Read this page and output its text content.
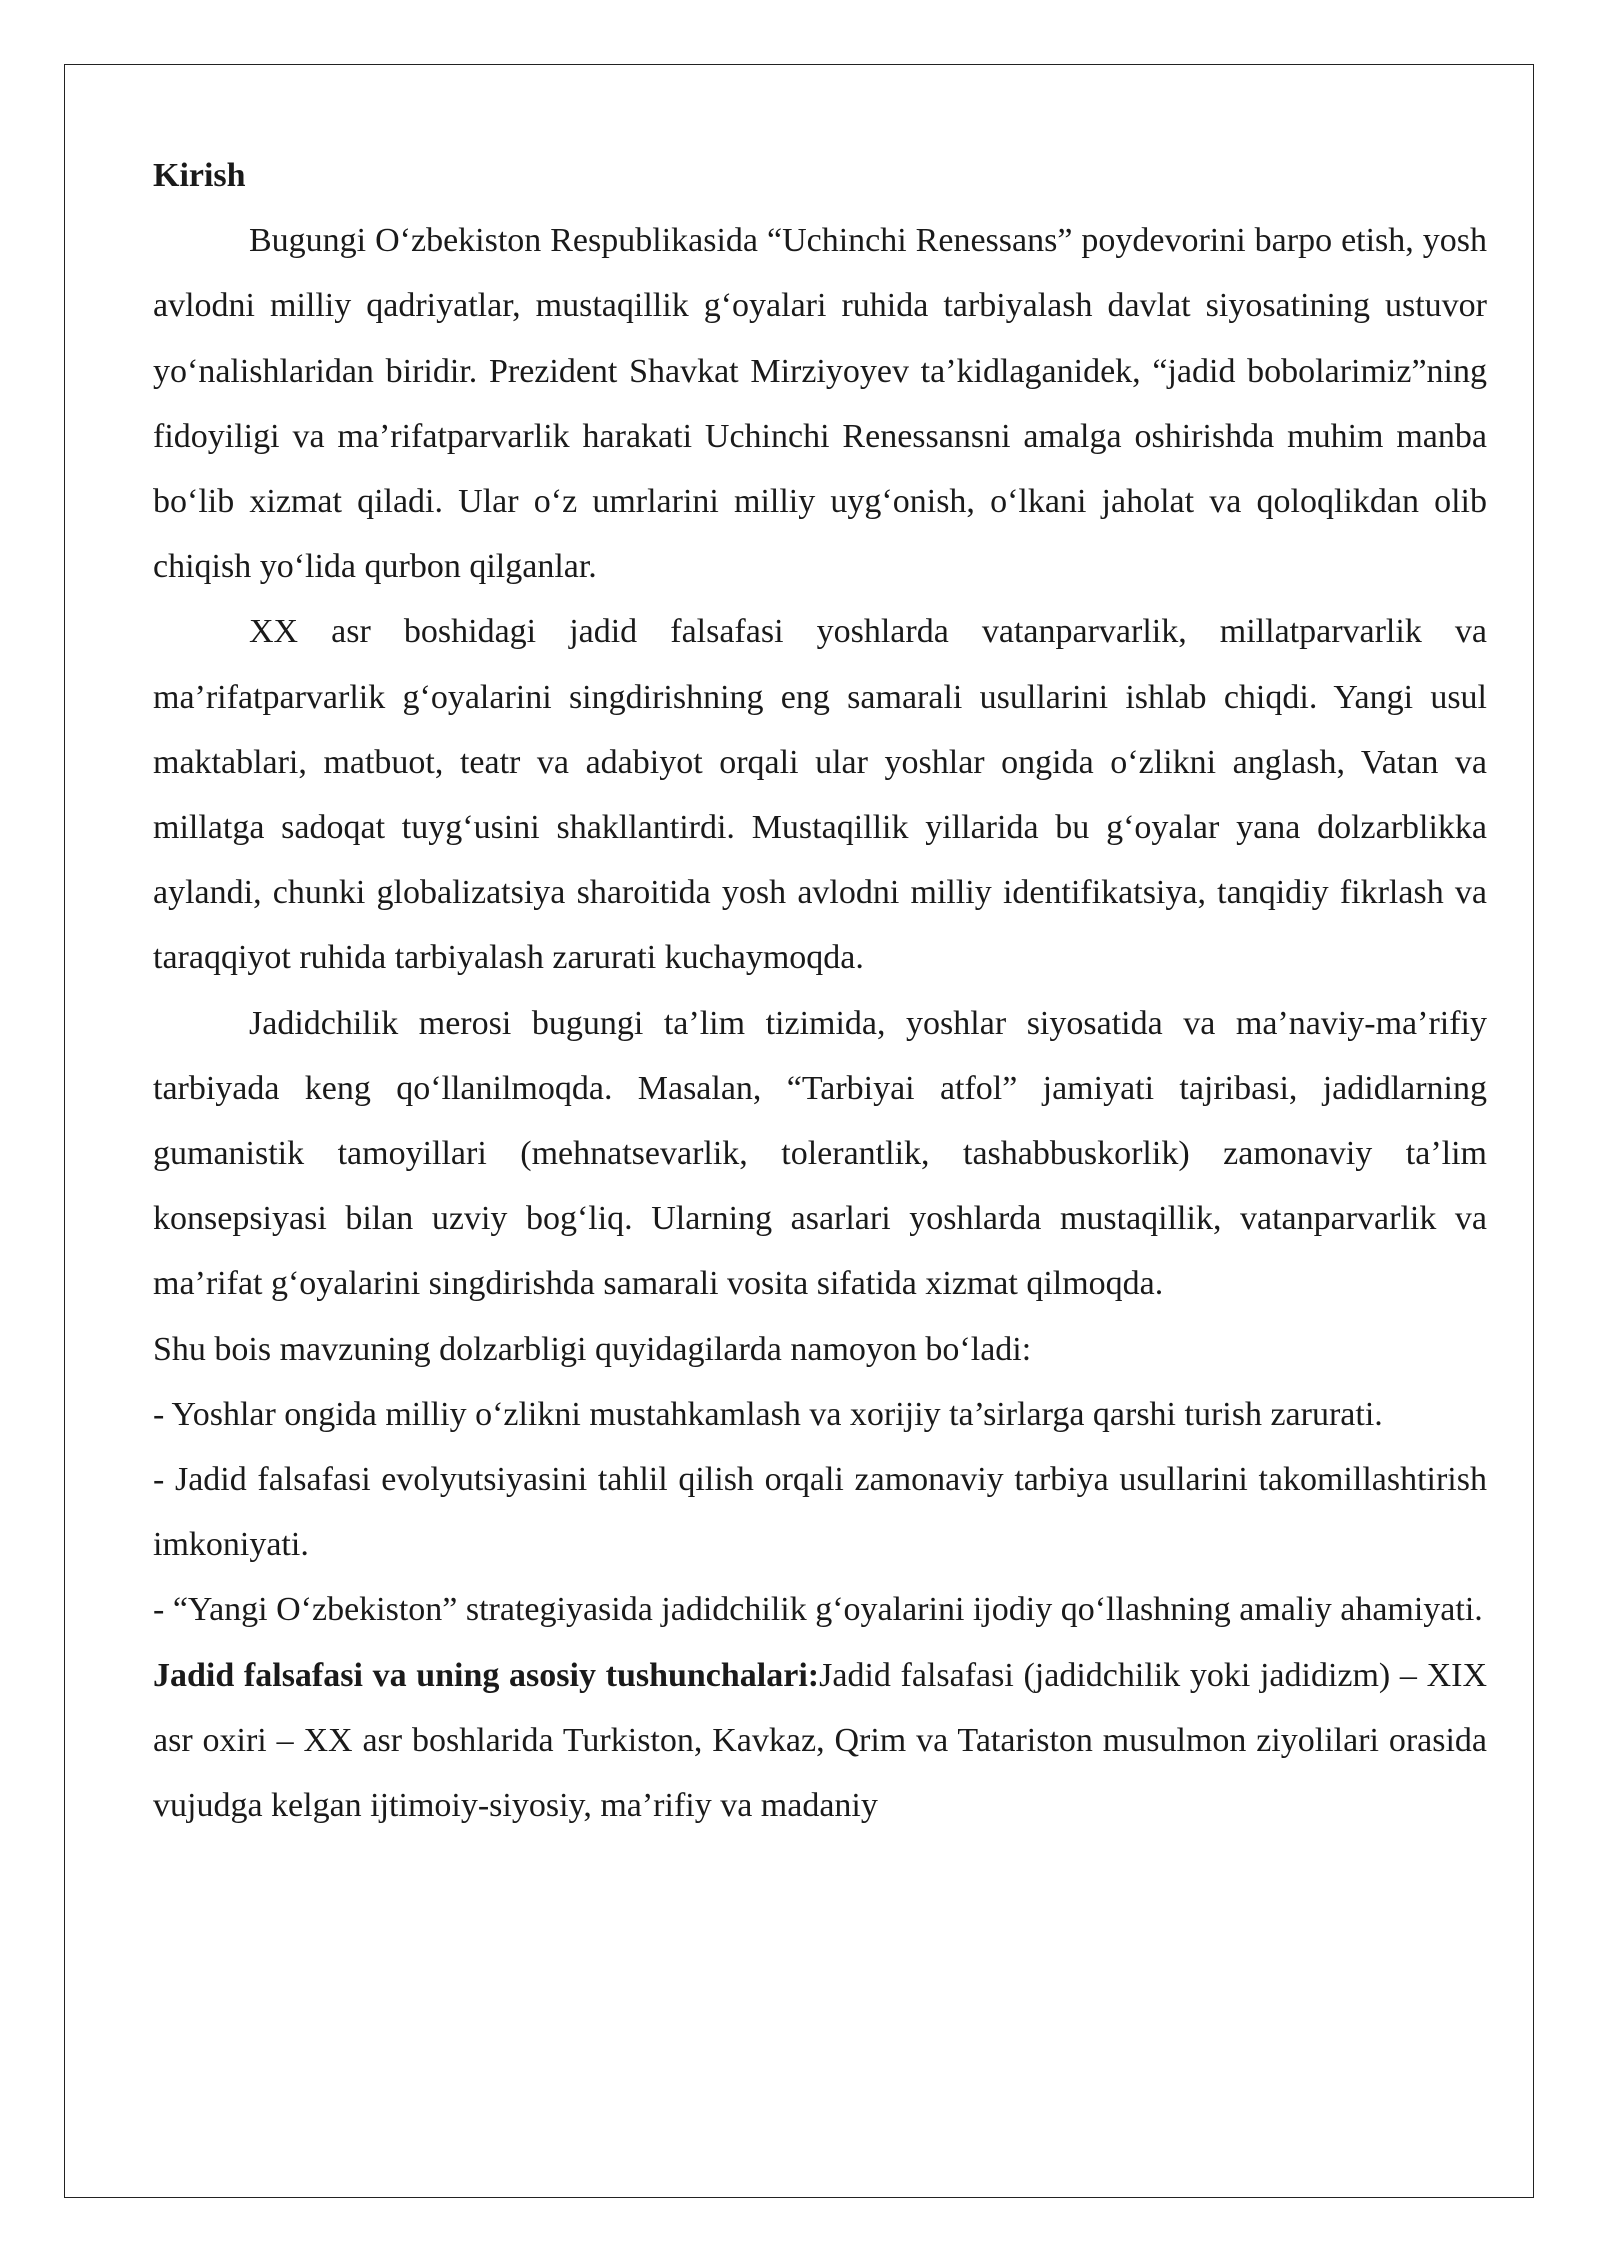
Kirish

Bugungi O‘zbekiston Respublikasida “Uchinchi Renessans” poydevorini barpo etish, yosh avlodni milliy qadriyatlar, mustaqillik g‘oyalari ruhida tarbiyalash davlat siyosatining ustuvor yo‘nalishlaridan biridir. Prezident Shavkat Mirziyoyev ta’kidlaganidek, “jadid bobolarimiz”ning fidoyiligi va ma’rifatparvarlik harakati Uchinchi Renessansni amalga oshirishda muhim manba bo‘lib xizmat qiladi. Ular o‘z umrlarini milliy uyg‘onish, o‘lkani jaholat va qoloqlikdan olib chiqish yo‘lida qurbon qilganlar.

XX asr boshidagi jadid falsafasi yoshlarda vatanparvarlik, millatparvarlik va ma’rifatparvarlik g‘oyalarini singdirishning eng samarali usullarini ishlab chiqdi. Yangi usul maktablari, matbuot, teatr va adabiyot orqali ular yoshlar ongida o‘zlikni anglash, Vatan va millatga sadoqat tuyg‘usini shakllantirdi. Mustaqillik yillarida bu g‘oyalar yana dolzarblikka aylandi, chunki globalizatsiya sharoitida yosh avlodni milliy identifikatsiya, tanqidiy fikrlash va taraqqiyot ruhida tarbiyalash zarurati kuchaymoqda.

Jadidchilik merosi bugungi ta’lim tizimida, yoshlar siyosatida va ma’naviy-ma’rifiy tarbiyada keng qo‘llanilmoqda. Masalan, “Tarbiyai atfol” jamiyati tajribasi, jadidlarning gumanistik tamoyillari (mehnatsevarlik, tolerantlik, tashabbuskorlik) zamonaviy ta’lim konsepsiyasi bilan uzviy bog‘liq. Ularning asarlari yoshlarda mustaqillik, vatanparvarlik va ma’rifat g‘oyalarini singdirishda samarali vosita sifatida xizmat qilmoqda.

Shu bois mavzuning dolzarbligi quyidagilarda namoyon bo‘ladi:

- Yoshlar ongida milliy o‘zlikni mustahkamlash va xorijiy ta’sirlarga qarshi turish zarurati.

- Jadid falsafasi evolyutsiyasini tahlil qilish orqali zamonaviy tarbiya usullarini takomillashtirish imkoniyati.

- “Yangi O‘zbekiston” strategiyasida jadidchilik g‘oyalarini ijodiy qo‘llashning amaliy ahamiyati.

Jadid falsafasi va uning asosiy tushunchalari:Jadid falsafasi (jadidchilik yoki jadidizm) – XIX asr oxiri – XX asr boshlarida Turkiston, Kavkaz, Qrim va Tatariston musulmon ziyolilari orasida vujudga kelgan ijtimoiy-siyosiy, ma’rifiy va madaniy
